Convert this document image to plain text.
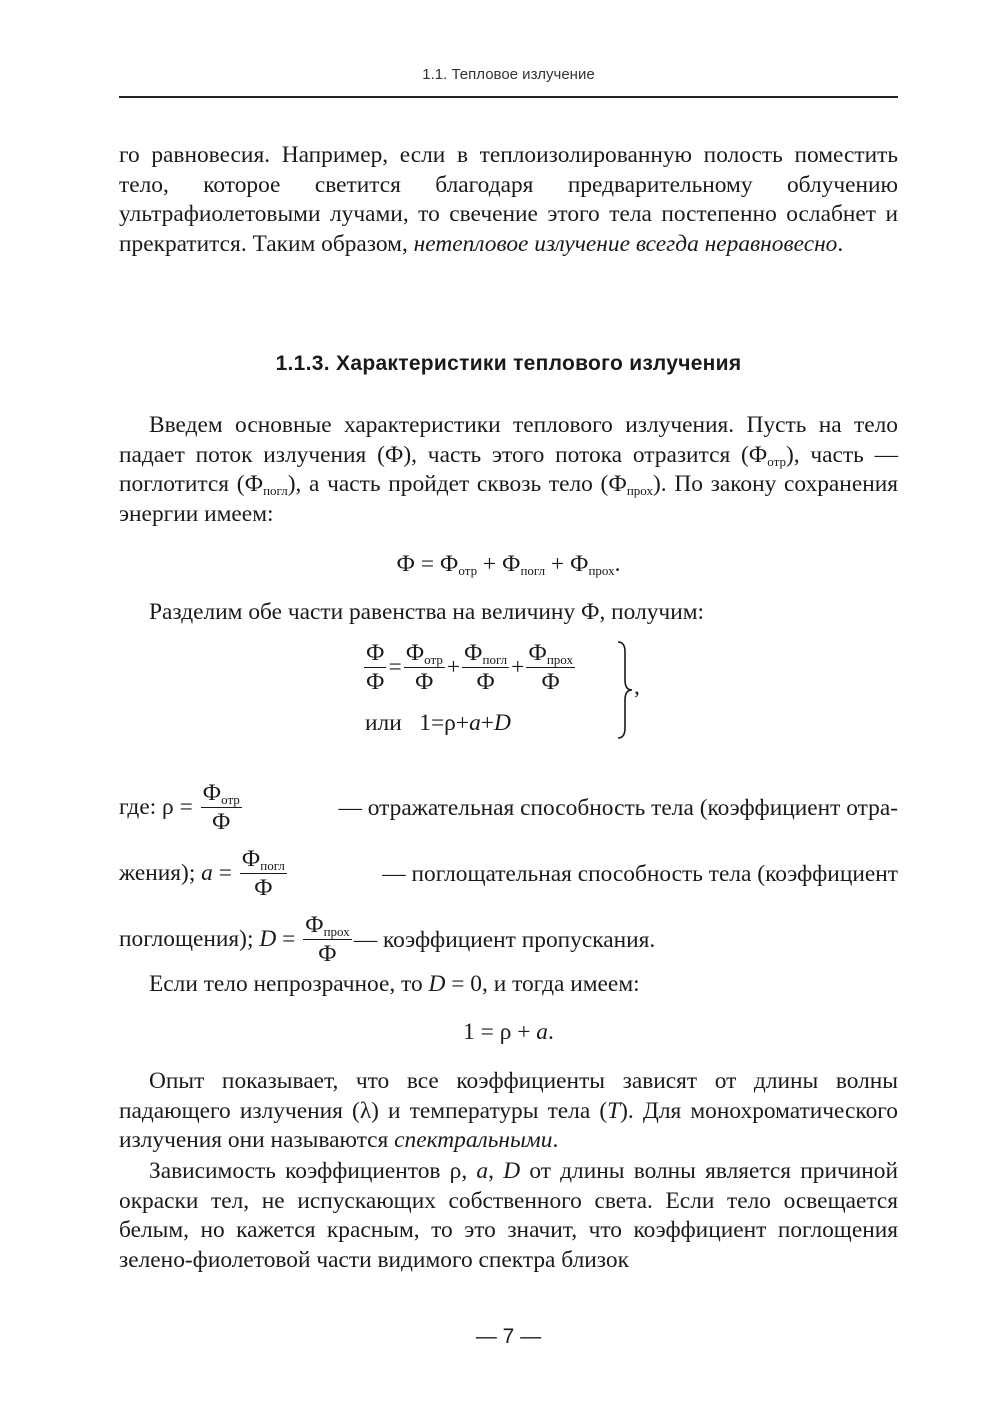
1.1. Тепловое излучение

го равновесия. Например, если в теплоизолированную полость поместить тело, которое светится благодаря предварительному облучению ультрафиолетовыми лучами, то свечение этого тела постепенно ослабнет и прекратится. Таким образом, нетепловое излучение всегда неравновесно.

1.1.3. Характеристики теплового излучения

Введем основные характеристики теплового излучения. Пусть на тело падает поток излучения (Ф), часть этого потока отразится $(Ф_{отр})$, часть — поглотится $(Ф_{погл})$, а часть пройдет сквозь тело $(Ф_{прох})$. По закону сохранения энергии имеем:

$Ф = Ф_{отр} + Ф_{погл} + Ф_{прох}$.

Разделим обе части равенства на величину Ф, получим:

$\frac{Ф}{Ф} = \frac{Ф_{отр}}{Ф} + \frac{Ф_{погл}}{Ф} + \frac{Ф_{прох}}{Ф}$
или 1=ρ+a+D
,
где: $\rho = \frac{Ф_{отр}}{Ф}$	— отражательная способность тела (коэффициент отра-
жения); $a = \frac{Ф_{погл}}{Ф}$	— поглощательная способность тела (коэффициент
поглощения); $D = \frac{Ф_{прох}}{Ф}$ — коэффициент пропускания.

Если тело непрозрачное, то D = 0, и тогда имеем:

1 = ρ + a.

Опыт показывает, что все коэффициенты зависят от длины волны падающего излучения (λ) и температуры тела (T). Для монохроматического излучения они называются спектральными.

Зависимость коэффициентов ρ, a, D от длины волны является причиной окраски тел, не испускающих собственного света. Если тело освещается белым, но кажется красным, то это значит, что коэффициент поглощения зелено-фиолетовой части видимого спектра близок

— 7 —
